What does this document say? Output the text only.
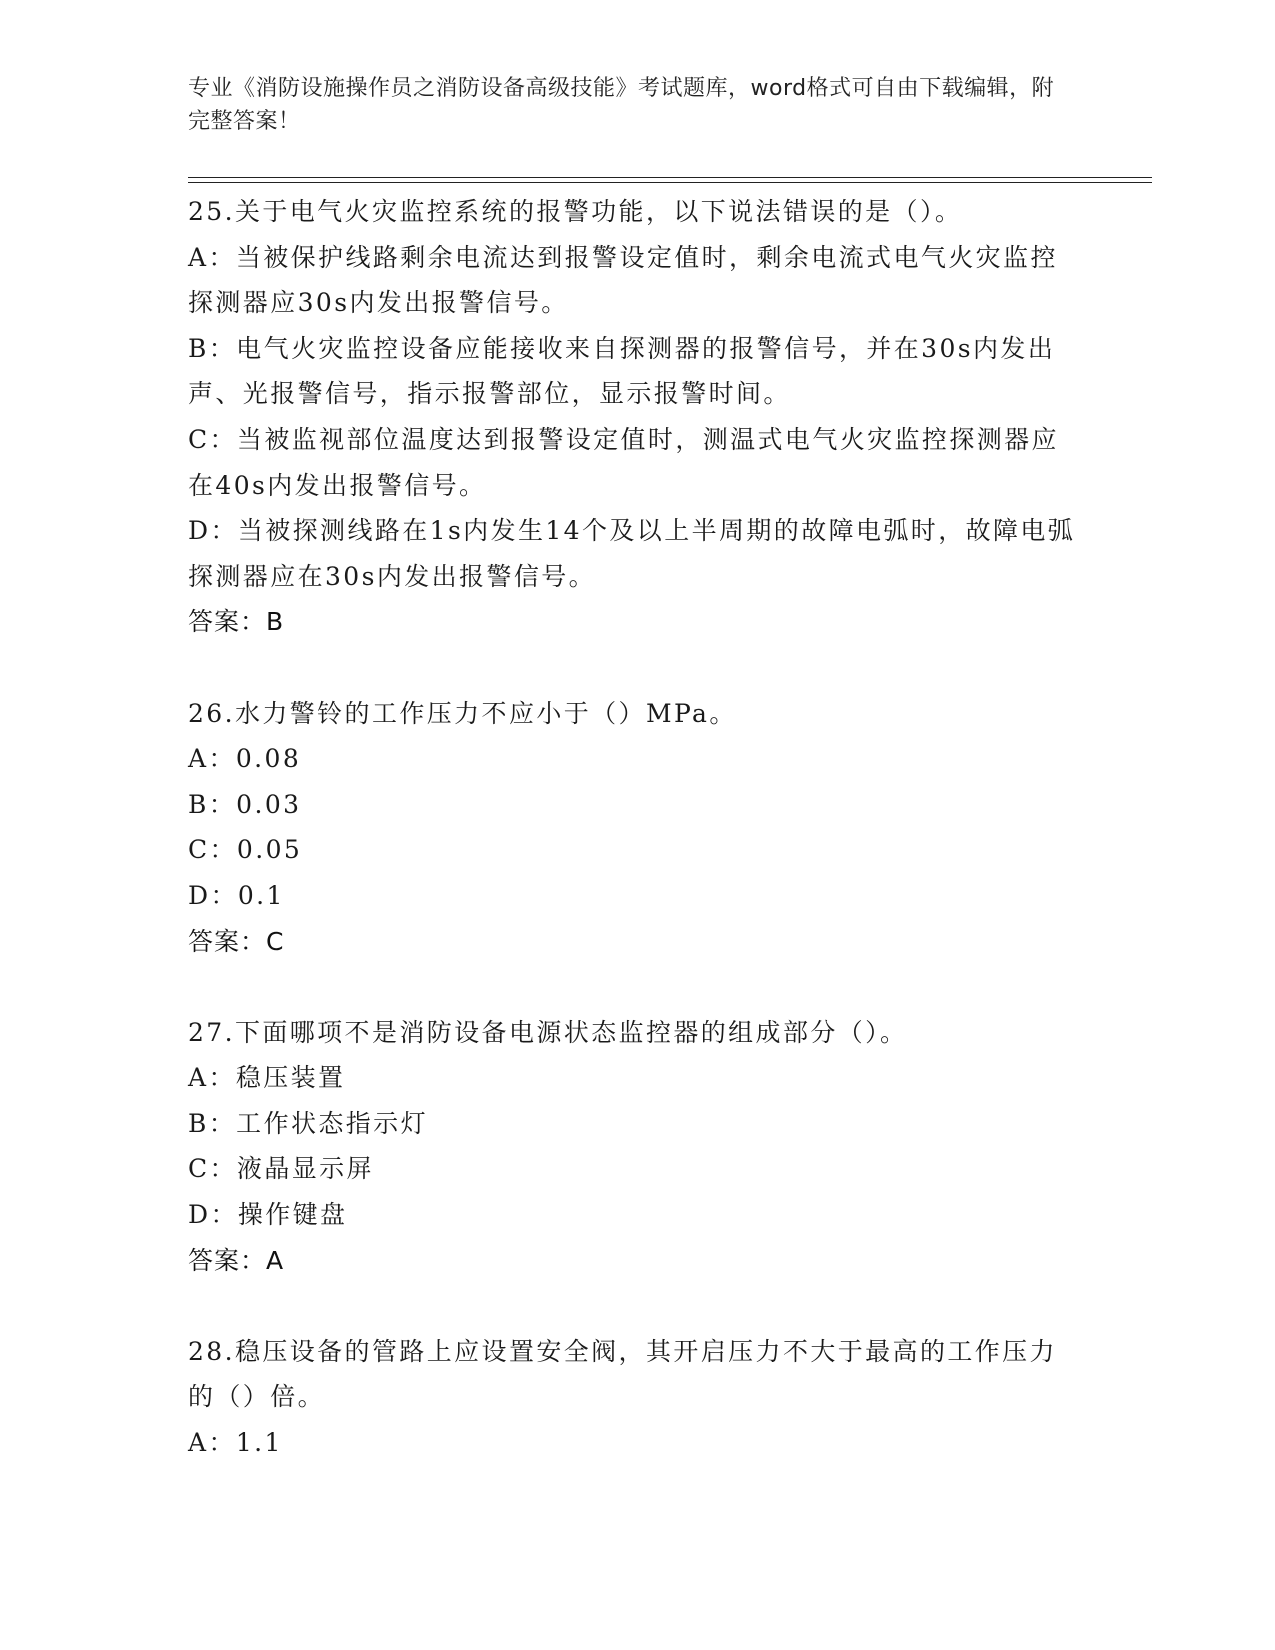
专业《消防设施操作员之消防设备高级技能》考试题库，word格式可自由下载编辑，附完整答案！
25.关于电气火灾监控系统的报警功能，以下说法错误的是（）。
A：当被保护线路剩余电流达到报警设定值时，剩余电流式电气火灾监控探测器应30s内发出报警信号。
B：电气火灾监控设备应能接收来自探测器的报警信号，并在30s内发出声、光报警信号，指示报警部位，显示报警时间。
C：当被监视部位温度达到报警设定值时，测温式电气火灾监控探测器应在40s内发出报警信号。
D：当被探测线路在1s内发生14个及以上半周期的故障电弧时，故障电弧探测器应在30s内发出报警信号。
答案：B
26.水力警铃的工作压力不应小于（）MPa。
A：0.08
B：0.03
C：0.05
D：0.1
答案：C
27.下面哪项不是消防设备电源状态监控器的组成部分（）。
A：稳压装置
B：工作状态指示灯
C：液晶显示屏
D：操作键盘
答案：A
28.稳压设备的管路上应设置安全阀，其开启压力不大于最高的工作压力的（）倍。
A：1.1
